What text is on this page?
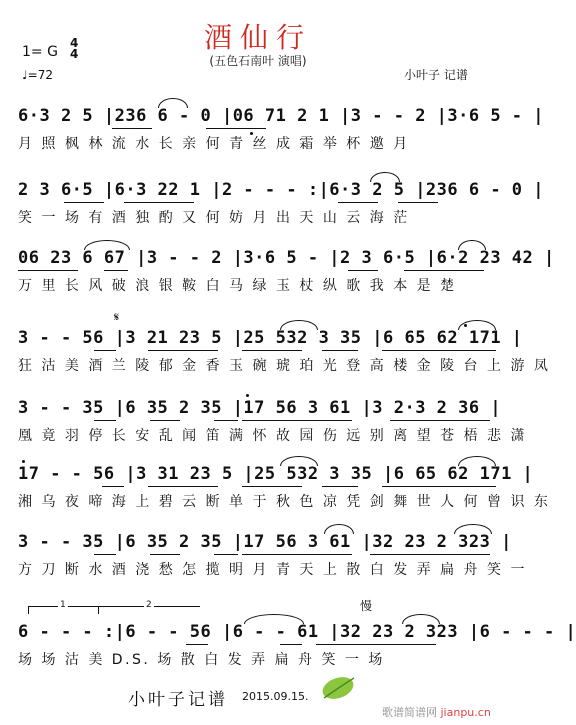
酒仙行
(五色石南叶 演唱)
1= G
4
4
♩=72	小叶子 记谱
6·3 2 5 |236 6 - 0 |06 71 2 1 |3 - - 2 |3·6 5 - |
月 照 枫 林 流 水 长 亲 何 青 丝 成 霜 举 杯 邀 月
2 3 6·5 |6·3 22 1 |2 - - - :|6·3 2 5 |236 6 - 0 |
笑 一 场 有 酒 独 酌 又 何 妨 月 出 天 山 云 海 茫
06 23 6 67 |3 - - 2 |3·6 5 - |2 3 6·5 |6·2 23 42 |
万 里 长 风 破 浪 银 鞍 白 马 绿 玉 杖 纵 歌 我 本 是 楚
3 - - 56 |3 21 23 5 |25 532 3 35 |6 65 62 171 |
狂 沽 美 酒 兰 陵 郁 金 香 玉 碗 琥 珀 光 登 高 楼 金 陵 台 上 游 凤
𝄋
3 - - 35 |6 35 2 35 |17 56 3 61 |3 2·3 2 36 |
凰 竟 羽 停 长 安 乱 闻 笛 满 怀 故 园 伤 远 别 离 望 苍 梧 悲 潇
17 - - 56 |3 31 23 5 |25 532 3 35 |6 65 62 171 |
湘 乌 夜 啼 海 上 碧 云 断 单 于 秋 色 凉 凭 剑 舞 世 人 何 曾 识 东
3 - - 35 |6 35 2 35 |17 56 3 61 |32 23 2 323 |
方 刀 断 水 酒 浇 愁 怎 揽 明 月 青 天 上 散 白 发 弄 扁 舟 笑 一
1	2	慢
6 - - - :|6 - - 56 |6 - - 61 |32 23 2 323 |6 - - - |
场 场 沽 美 D.S. 场 散 白 发 弄 扁 舟 笑 一 场
小叶子记谱 2015.09.15.
歌谱简谱网 jianpu.cn
